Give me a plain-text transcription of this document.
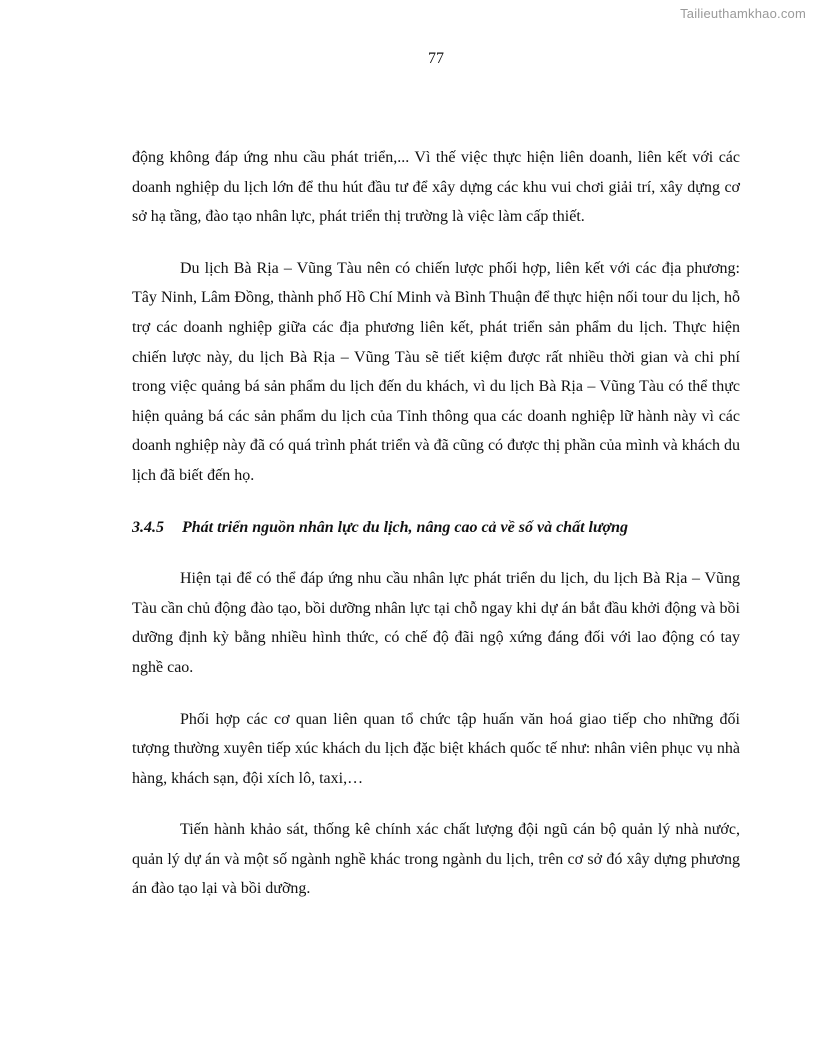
Tailieuthamkhao.com
77

động không đáp ứng nhu cầu phát triển,... Vì thế việc thực hiện liên doanh, liên kết với các doanh nghiệp du lịch lớn để thu hút đầu tư để xây dựng các khu vui chơi giải trí, xây dựng cơ sở hạ tầng, đào tạo nhân lực, phát triển thị trường là việc làm cấp thiết.

Du lịch Bà Rịa – Vũng Tàu nên có chiến lược phối hợp, liên kết với các địa phương: Tây Ninh, Lâm Đồng, thành phố Hồ Chí Minh và Bình Thuận để thực hiện nối tour du lịch, hỗ trợ các doanh nghiệp giữa các địa phương liên kết, phát triển sản phẩm du lịch. Thực hiện chiến lược này, du lịch Bà Rịa – Vũng Tàu sẽ tiết kiệm được rất nhiều thời gian và chi phí trong việc quảng bá sản phẩm du lịch đến du khách, vì du lịch Bà Rịa – Vũng Tàu có thể thực hiện quảng bá các sản phẩm du lịch của Tỉnh thông qua các doanh nghiệp lữ hành này vì các doanh nghiệp này đã có quá trình phát triển và đã cũng có được thị phần của mình và khách du lịch đã biết đến họ.

3.4.5 Phát triển nguồn nhân lực du lịch, nâng cao cả về số và chất lượng

Hiện tại để có thể đáp ứng nhu cầu nhân lực phát triển du lịch, du lịch Bà Rịa – Vũng Tàu cần chủ động đào tạo, bồi dưỡng nhân lực tại chỗ ngay khi dự án bắt đầu khởi động và bồi dưỡng định kỳ bằng nhiều hình thức, có chế độ đãi ngộ xứng đáng đối với lao động có tay nghề cao.

Phối hợp các cơ quan liên quan tổ chức tập huấn văn hoá giao tiếp cho những đối tượng thường xuyên tiếp xúc khách du lịch đặc biệt khách quốc tế như: nhân viên phục vụ nhà hàng, khách sạn, đội xích lô, taxi,…

Tiến hành khảo sát, thống kê chính xác chất lượng đội ngũ cán bộ quản lý nhà nước, quản lý dự án và một số ngành nghề khác trong ngành du lịch, trên cơ sở đó xây dựng phương án đào tạo lại và bồi dưỡng.
